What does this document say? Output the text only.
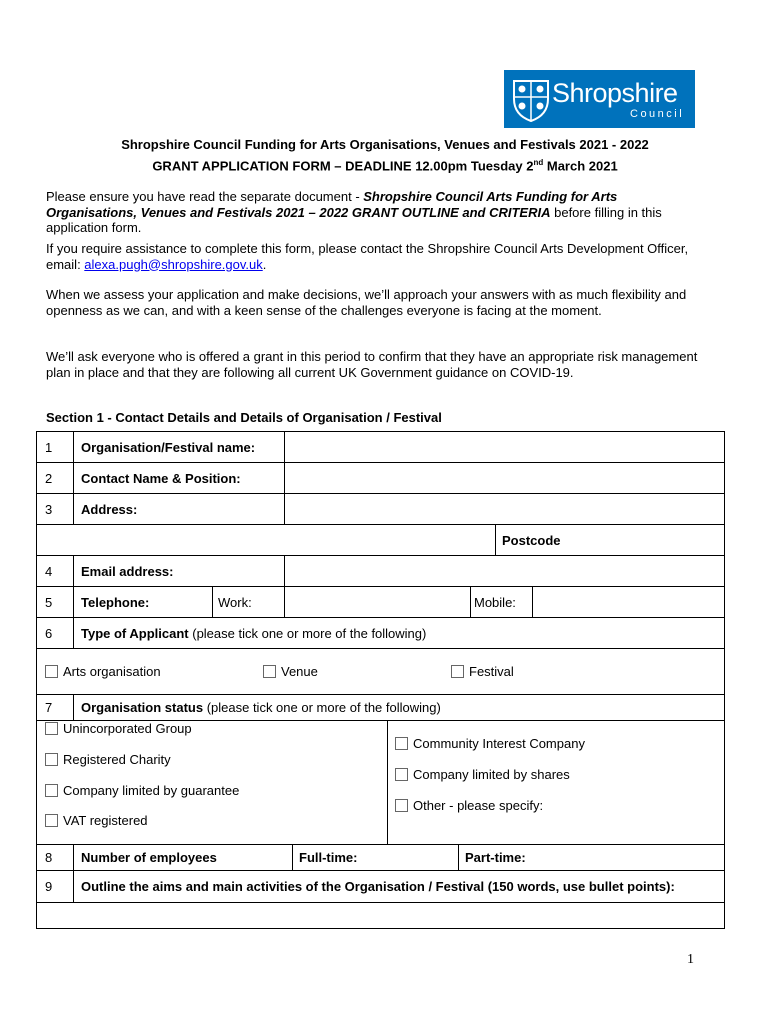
Shropshire
Council
Shropshire Council Funding for Arts Organisations, Venues and Festivals 2021 - 2022
GRANT APPLICATION FORM – DEADLINE 12.00pm Tuesday 2nd March 2021
Please ensure you have read the separate document - Shropshire Council Arts Funding for Arts Organisations, Venues and Festivals 2021 – 2022 GRANT OUTLINE and CRITERIA before filling in this application form.
If you require assistance to complete this form, please contact the Shropshire Council Arts Development Officer, email: alexa.pugh@shropshire.gov.uk.
When we assess your application and make decisions, we’ll approach your answers with as much flexibility and openness as we can, and with a keen sense of the challenges everyone is facing at the moment.
We’ll ask everyone who is offered a grant in this period to confirm that they have an appropriate risk management plan in place and that they are following all current UK Government guidance on COVID-19.
Section 1 - Contact Details and Details of Organisation / Festival
1 Organisation/Festival name:
2 Contact Name & Position:
3 Address:
Postcode
4 Email address:
5 Telephone:	Work:	Mobile:
6 Type of Applicant (please tick one or more of the following)
Arts organisation	Venue	Festival
7 Organisation status (please tick one or more of the following)
Unincorporated Group
Registered Charity
Company limited by guarantee
VAT registered
Community Interest Company
Company limited by shares
Other - please specify:
8 Number of employees	Full-time:	Part-time:
9 Outline the aims and main activities of the Organisation / Festival (150 words, use bullet points):
1
